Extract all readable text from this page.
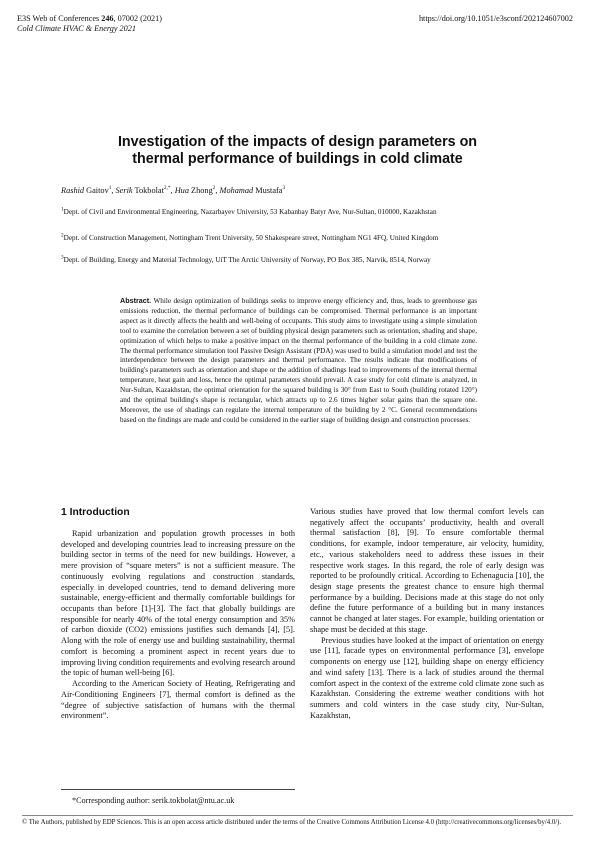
E3S Web of Conferences 246, 07002 (2021)
Cold Climate HVAC & Energy 2021
https://doi.org/10.1051/e3sconf/202124607002
Investigation of the impacts of design parameters on
thermal performance of buildings in cold climate
Rashid Gaitov$^1$, Serik Tokbolat$^{2,*}$, Hua Zhong$^2$, Mohamad Mustafa$^3$
$^1$Dept. of Civil and Environmental Engineering, Nazarbayev University, 53 Kabanbay Batyr Ave, Nur-Sultan, 010000, Kazakhstan
$^2$Dept. of Construction Management, Nottingham Trent University, 50 Shakespeare street, Nottingham NG1 4FQ, United Kingdom
$^3$Dept. of Building, Energy and Material Technology, UiT The Arctic University of Norway, PO Box 385, Narvik, 8514, Norway

Abstract. While design optimization of buildings seeks to improve energy efficiency and, thus, leads to greenhouse gas emissions reduction, the thermal performance of buildings can be compromised. Thermal performance is an important aspect as it directly affects the health and well-being of occupants. This study aims to investigate using a simple simulation tool to examine the correlation between a set of building physical design parameters such as orientation, shading and shape, optimization of which helps to make a positive impact on the thermal performance of the building in a cold climate zone. The thermal performance simulation tool Passive Design Assistant (PDA) was used to build a simulation model and test the interdependence between the design parameters and thermal performance. The results indicate that modifications of building's parameters such as orientation and shape or the addition of shadings lead to improvements of the internal thermal temperature, heat gain and loss, hence the optimal parameters should prevail. A case study for cold climate is analyzed, in Nur-Sultan, Kazakhstan, the optimal orientation for the squared building is 30° from East to South (building rotated 120°) and the optimal building's shape is rectangular, which attracts up to 2.6 times higher solar gains than the square one. Moreover, the use of shadings can regulate the internal temperature of the building by 2 °C. General recommendations based on the findings are made and could be considered in the earlier stage of building design and construction processes.

1 Introduction

Rapid urbanization and population growth processes in both developed and developing countries lead to increasing pressure on the building sector in terms of the need for new buildings. However, a mere provision of “square meters” is not a sufficient measure. The continuously evolving regulations and construction standards, especially in developed countries, tend to demand delivering more sustainable, energy-efficient and thermally comfortable buildings for occupants than before [1]-[3]. The fact that globally buildings are responsible for nearly 40% of the total energy consumption and 35% of carbon dioxide (CO2) emissions justifies such demands [4], [5]. Along with the role of energy use and building sustainability, thermal comfort is becoming a prominent aspect in recent years due to improving living condition requirements and evolving research around the topic of human well-being [6].

According to the American Society of Heating, Refrigerating and Air-Conditioning Engineers [7], thermal comfort is defined as the “degree of subjective satisfaction of humans with the thermal environment”.

Various studies have proved that low thermal comfort levels can negatively affect the occupants’ productivity, health and overall thermal satisfaction [8], [9]. To ensure comfortable thermal conditions, for example, indoor temperature, air velocity, humidity, etc., various stakeholders need to address these issues in their respective work stages. In this regard, the role of early design was reported to be profoundly critical. According to Echenagucia [10], the design stage presents the greatest chance to ensure high thermal performance by a building. Decisions made at this stage do not only define the future performance of a building but in many instances cannot be changed at later stages. For example, building orientation or shape must be decided at this stage.

Previous studies have looked at the impact of orientation on energy use [11], facade types on environmental performance [3], envelope components on energy use [12], building shape on energy efficiency and wind safety [13]. There is a lack of studies around the thermal comfort aspect in the context of the extreme cold climate zone such as Kazakhstan. Considering the extreme weather conditions with hot summers and cold winters in the case study city, Nur-Sultan, Kazakhstan,

*Corresponding author: serik.tokbolat@ntu.ac.uk
© The Authors, published by EDP Sciences. This is an open access article distributed under the terms of the Creative Commons Attribution License 4.0 (http://creativecommons.org/licenses/by/4.0/).
